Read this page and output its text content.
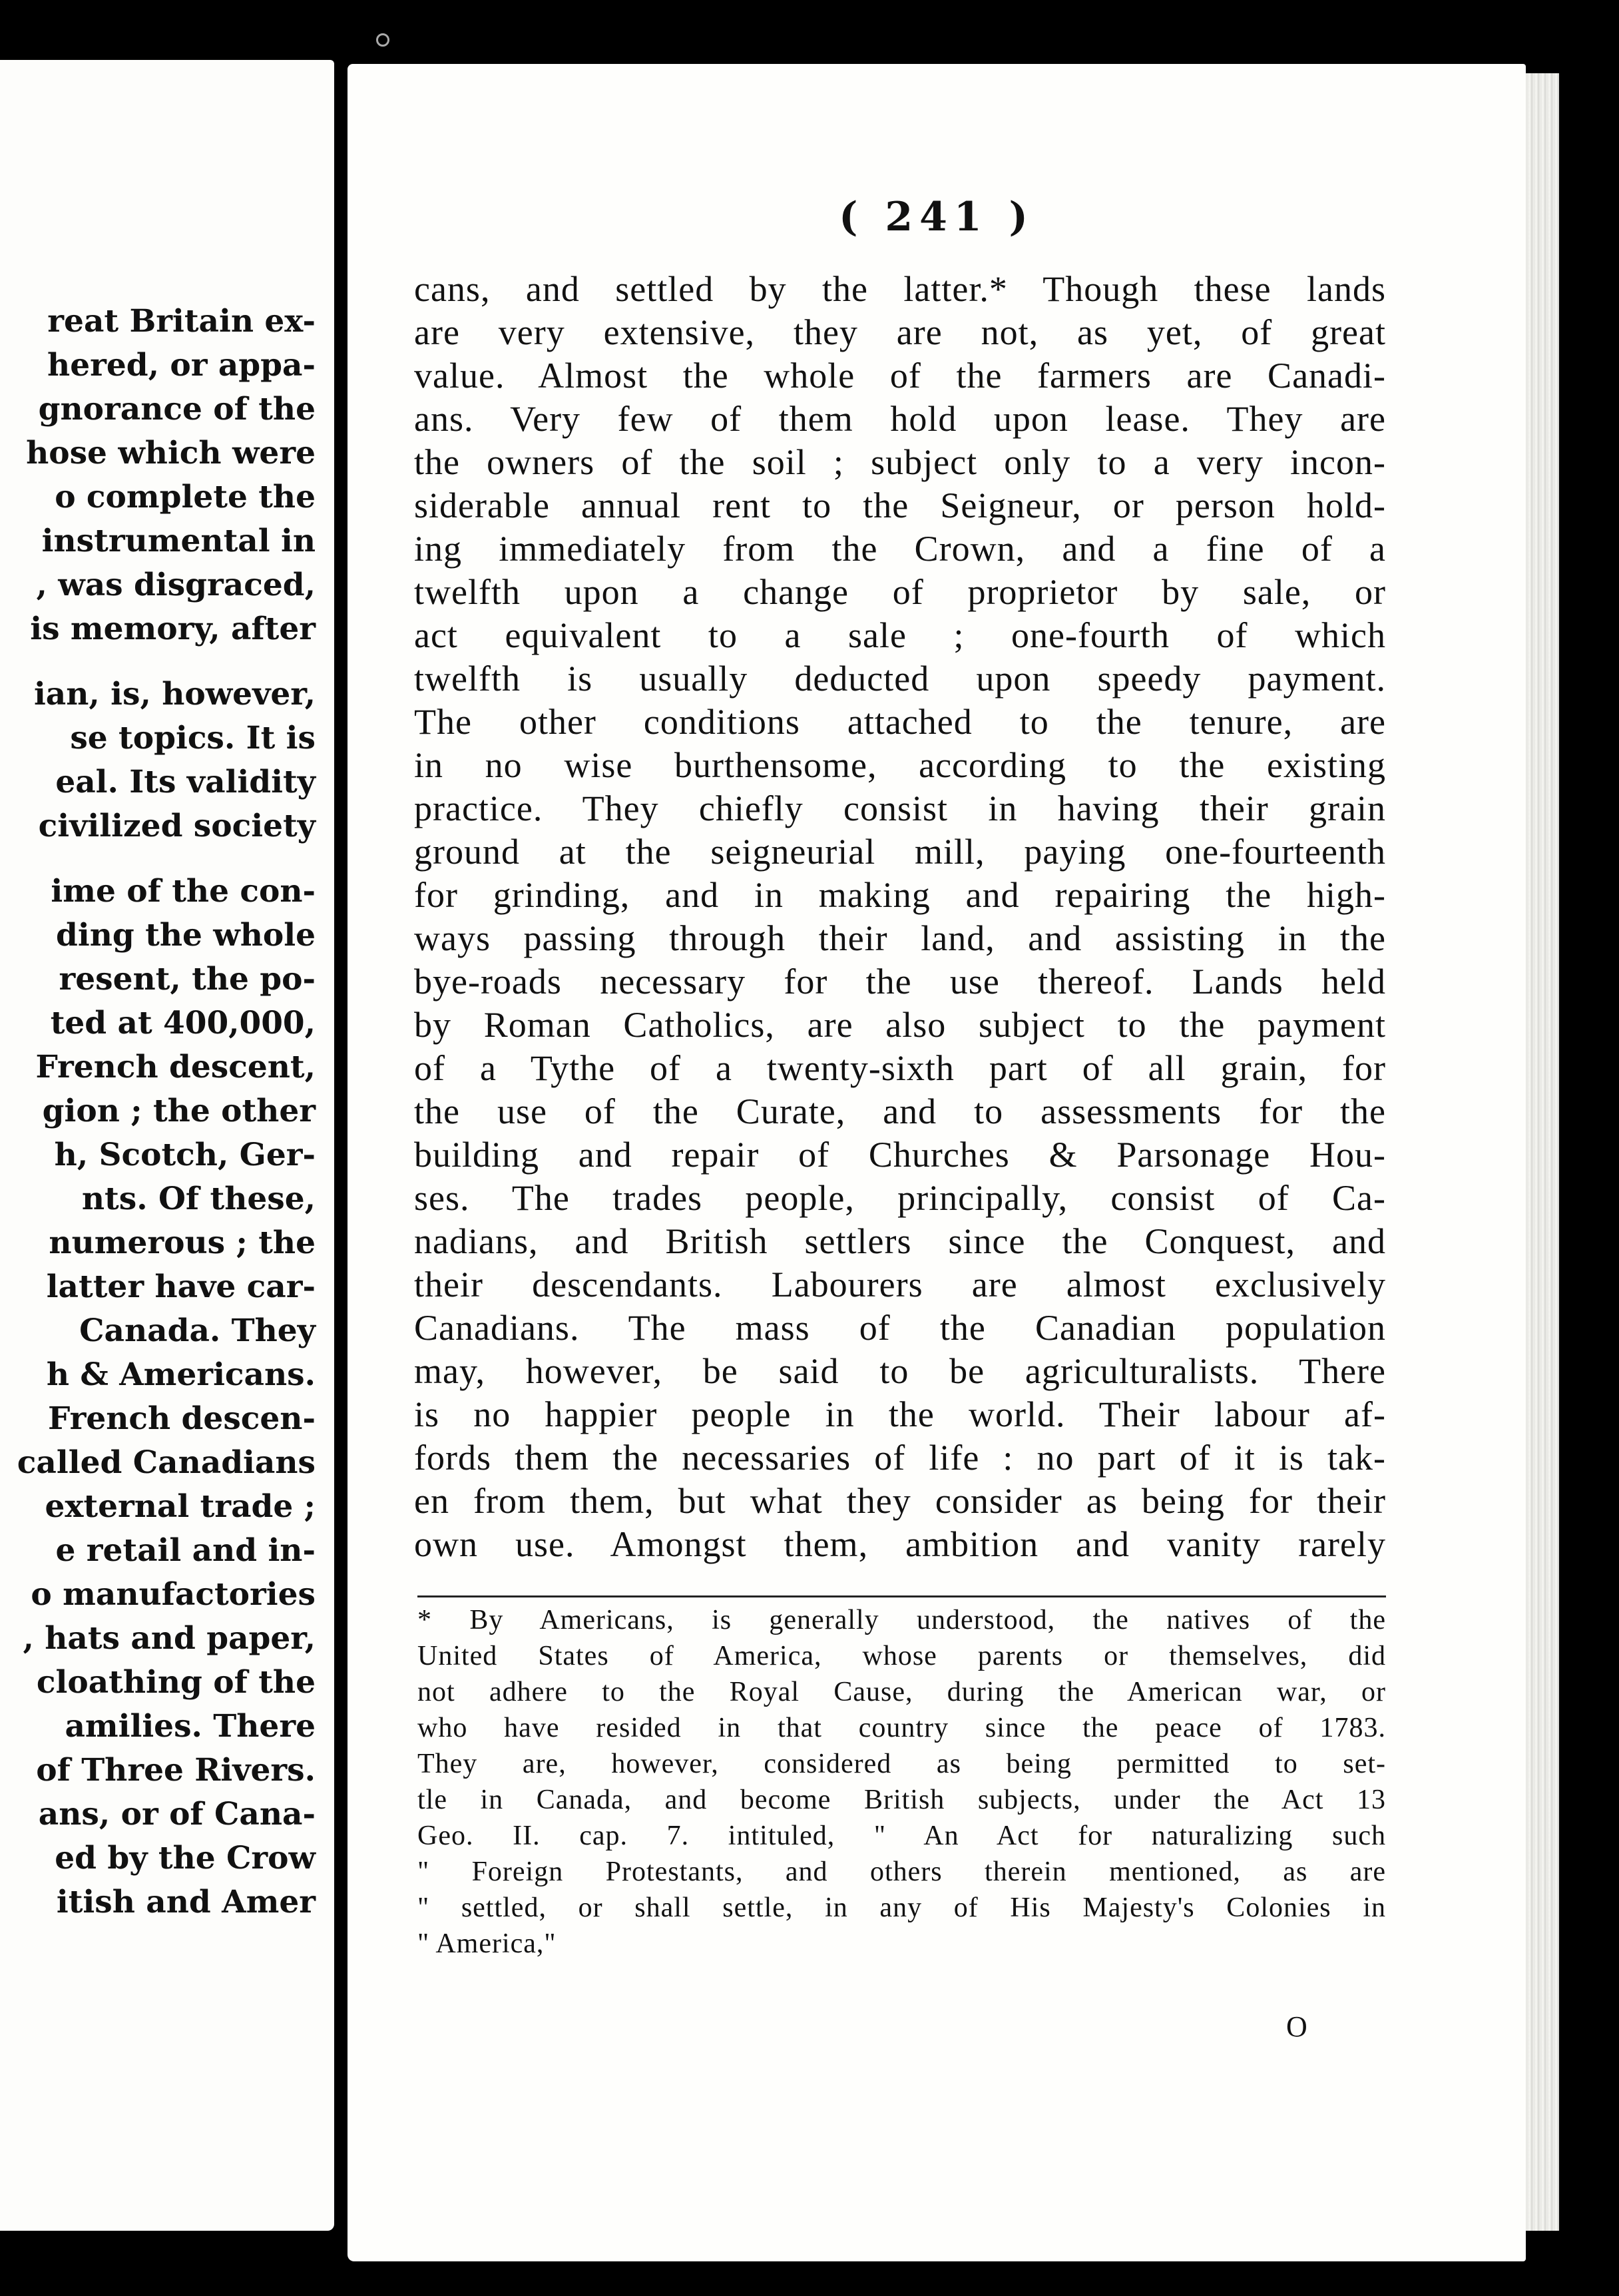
reat Britain ex-
hered, or appa-
gnorance of the
hose which were
o complete the
instrumental in
, was disgraced,
is memory, after
ian, is, however,
se topics. It is
eal. Its validity
civilized society
ime of the con-
ding the whole
resent, the po-
ted at 400,000,
French descent,
gion ; the other
h, Scotch, Ger-
nts. Of these,
numerous ; the
latter have car-
Canada. They
h & Americans.
French descen-
called Canadians
external trade ;
e retail and in-
o manufactories
, hats and paper,
cloathing of the
amilies. There
of Three Rivers.
ans, or of Cana-
ed by the Crow
itish and Amer
( 241 )
cans, and settled by the latter.* Though these lands
are very extensive, they are not, as yet, of great
value. Almost the whole of the farmers are Canadi-
ans. Very few of them hold upon lease. They are
the owners of the soil ; subject only to a very incon-
siderable annual rent to the Seigneur, or person hold-
ing immediately from the Crown, and a fine of a
twelfth upon a change of proprietor by sale, or
act equivalent to a sale ; one-fourth of which
twelfth is usually deducted upon speedy payment.
The other conditions attached to the tenure, are
in no wise burthensome, according to the existing
practice. They chiefly consist in having their grain
ground at the seigneurial mill, paying one-fourteenth
for grinding, and in making and repairing the high-
ways passing through their land, and assisting in the
bye-roads necessary for the use thereof. Lands held
by Roman Catholics, are also subject to the payment
of a Tythe of a twenty-sixth part of all grain, for
the use of the Curate, and to assessments for the
building and repair of Churches & Parsonage Hou-
ses. The trades people, principally, consist of Ca-
nadians, and British settlers since the Conquest, and
their descendants. Labourers are almost exclusively
Canadians. The mass of the Canadian population
may, however, be said to be agriculturalists. There
is no happier people in the world. Their labour af-
fords them the necessaries of life : no part of it is tak-
en from them, but what they consider as being for their
own use. Amongst them, ambition and vanity rarely
* By Americans, is generally understood, the natives of the
United States of America, whose parents or themselves, did
not adhere to the Royal Cause, during the American war, or
who have resided in that country since the peace of 1783.
They are, however, considered as being permitted to set-
tle in Canada, and become British subjects, under the Act 13
Geo. II. cap. 7. intituled, " An Act for naturalizing such
" Foreign Protestants, and others therein mentioned, as are
" settled, or shall settle, in any of His Majesty's Colonies in
" America,"
O
